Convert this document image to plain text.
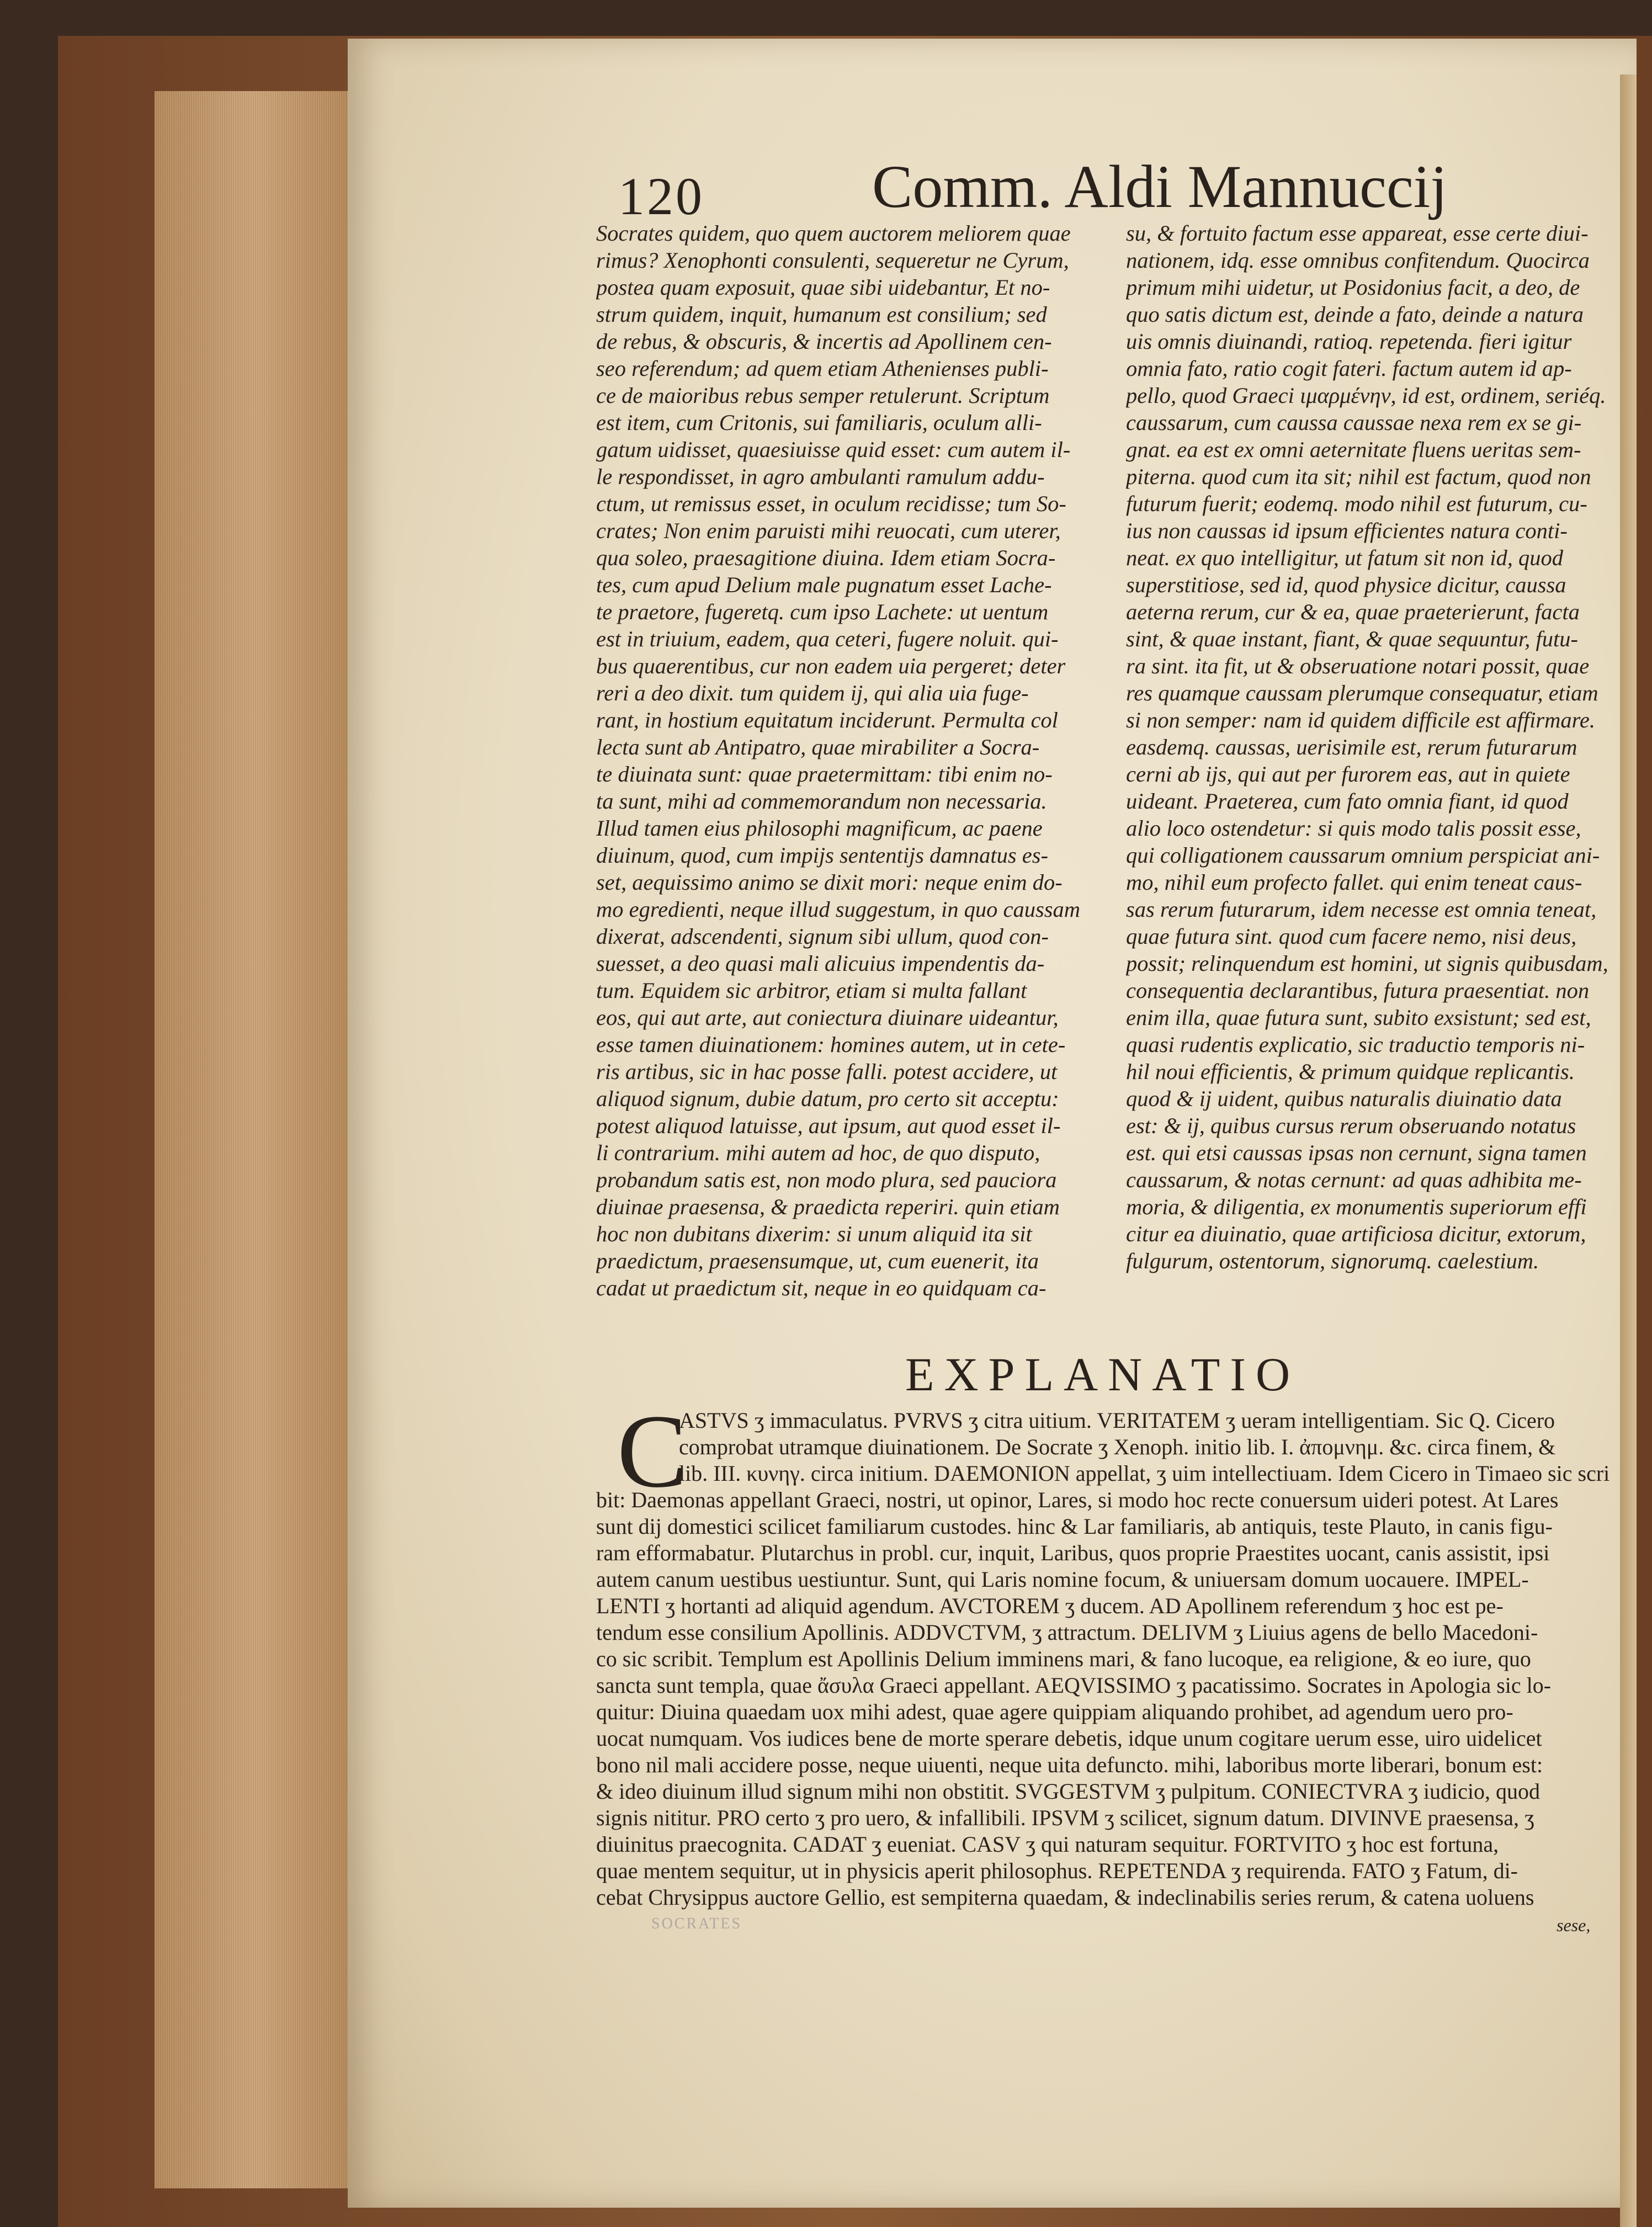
120	Comm. Aldi Mannuccij
Socrates quidem, quo quem auctorem meliorem quae
rimus? Xenophonti consulenti, sequeretur ne Cyrum,
postea quam exposuit, quae sibi uidebantur, Et no-
strum quidem, inquit, humanum est consilium; sed
de rebus, & obscuris, & incertis ad Apollinem cen-
seo referendum; ad quem etiam Athenienses publi-
ce de maioribus rebus semper retulerunt. Scriptum
est item, cum Critonis, sui familiaris, oculum alli-
gatum uidisset, quaesiuisse quid esset: cum autem il-
le respondisset, in agro ambulanti ramulum addu-
ctum, ut remissus esset, in oculum recidisse; tum So-
crates; Non enim paruisti mihi reuocati, cum uterer,
qua soleo, praesagitione diuina. Idem etiam Socra-
tes, cum apud Delium male pugnatum esset Lache-
te praetore, fugeretq. cum ipso Lachete: ut uentum
est in triuium, eadem, qua ceteri, fugere noluit. qui-
bus quaerentibus, cur non eadem uia pergeret; deter
reri a deo dixit. tum quidem ij, qui alia uia fuge-
rant, in hostium equitatum inciderunt. Permulta col
lecta sunt ab Antipatro, quae mirabiliter a Socra-
te diuinata sunt: quae praetermittam: tibi enim no-
ta sunt, mihi ad commemorandum non necessaria.
Illud tamen eius philosophi magnificum, ac paene
diuinum, quod, cum impijs sententijs damnatus es-
set, aequissimo animo se dixit mori: neque enim do-
mo egredienti, neque illud suggestum, in quo caussam
dixerat, adscendenti, signum sibi ullum, quod con-
suesset, a deo quasi mali alicuius impendentis da-
tum. Equidem sic arbitror, etiam si multa fallant
eos, qui aut arte, aut coniectura diuinare uideantur,
esse tamen diuinationem: homines autem, ut in cete-
ris artibus, sic in hac posse falli. potest accidere, ut
aliquod signum, dubie datum, pro certo sit acceptu:
potest aliquod latuisse, aut ipsum, aut quod esset il-
li contrarium. mihi autem ad hoc, de quo disputo,
probandum satis est, non modo plura, sed pauciora
diuinae praesensa, & praedicta reperiri. quin etiam
hoc non dubitans dixerim: si unum aliquid ita sit
praedictum, praesensumque, ut, cum euenerit, ita
cadat ut praedictum sit, neque in eo quidquam ca-
su, & fortuito factum esse appareat, esse certe diui-
nationem, idq. esse omnibus confitendum. Quocirca
primum mihi uidetur, ut Posidonius facit, a deo, de
quo satis dictum est, deinde a fato, deinde a natura
uis omnis diuinandi, ratioq. repetenda. fieri igitur
omnia fato, ratio cogit fateri. factum autem id ap-
pello, quod Graeci ιμαρμένην, id est, ordinem, seriéq.
caussarum, cum caussa caussae nexa rem ex se gi-
gnat. ea est ex omni aeternitate fluens ueritas sem-
piterna. quod cum ita sit; nihil est factum, quod non
futurum fuerit; eodemq. modo nihil est futurum, cu-
ius non caussas id ipsum efficientes natura conti-
neat. ex quo intelligitur, ut fatum sit non id, quod
superstitiose, sed id, quod physice dicitur, caussa
aeterna rerum, cur & ea, quae praeterierunt, facta
sint, & quae instant, fiant, & quae sequuntur, futu-
ra sint. ita fit, ut & obseruatione notari possit, quae
res quamque caussam plerumque consequatur, etiam
si non semper: nam id quidem difficile est affirmare.
easdemq. caussas, uerisimile est, rerum futurarum
cerni ab ijs, qui aut per furorem eas, aut in quiete
uideant. Praeterea, cum fato omnia fiant, id quod
alio loco ostendetur: si quis modo talis possit esse,
qui colligationem caussarum omnium perspiciat ani-
mo, nihil eum profecto fallet. qui enim teneat caus-
sas rerum futurarum, idem necesse est omnia teneat,
quae futura sint. quod cum facere nemo, nisi deus,
possit; relinquendum est homini, ut signis quibusdam,
consequentia declarantibus, futura praesentiat. non
enim illa, quae futura sunt, subito exsistunt; sed est,
quasi rudentis explicatio, sic traductio temporis ni-
hil noui efficientis, & primum quidque replicantis.
quod & ij uident, quibus naturalis diuinatio data
est: & ij, quibus cursus rerum obseruando notatus
est. qui etsi caussas ipsas non cernunt, signa tamen
caussarum, & notas cernunt: ad quas adhibita me-
moria, & diligentia, ex monumentis superiorum effi
citur ea diuinatio, quae artificiosa dicitur, extorum,
fulgurum, ostentorum, signorumq. caelestium.
EXPLANATIO
C
ASTVS ʒ immaculatus. PVRVS ʒ citra uitium. VERITATEM ʒ ueram intelligentiam. Sic Q. Cicero
comprobat utramque diuinationem. De Socrate ʒ Xenoph. initio lib. I. ἀπομνημ. &c. circa finem, &
lib. III. κυνηγ. circa initium. DAEMONION appellat, ʒ uim intellectiuam. Idem Cicero in Timaeo sic scri
bit: Daemonas appellant Graeci, nostri, ut opinor, Lares, si modo hoc recte conuersum uideri potest. At Lares
sunt dij domestici scilicet familiarum custodes. hinc & Lar familiaris, ab antiquis, teste Plauto, in canis figu-
ram efformabatur. Plutarchus in probl. cur, inquit, Laribus, quos proprie Praestites uocant, canis assistit, ipsi
autem canum uestibus uestiuntur. Sunt, qui Laris nomine focum, & uniuersam domum uocauere. IMPEL-
LENTI ʒ hortanti ad aliquid agendum. AVCTOREM ʒ ducem. AD Apollinem referendum ʒ hoc est pe-
tendum esse consilium Apollinis. ADDVCTVM, ʒ attractum. DELIVM ʒ Liuius agens de bello Macedoni-
co sic scribit. Templum est Apollinis Delium imminens mari, & fano lucoque, ea religione, & eo iure, quo
sancta sunt templa, quae ἄσυλα Graeci appellant. AEQVISSIMO ʒ pacatissimo. Socrates in Apologia sic lo-
quitur: Diuina quaedam uox mihi adest, quae agere quippiam aliquando prohibet, ad agendum uero pro-
uocat numquam. Vos iudices bene de morte sperare debetis, idque unum cogitare uerum esse, uiro uidelicet
bono nil mali accidere posse, neque uiuenti, neque uita defuncto. mihi, laboribus morte liberari, bonum est:
& ideo diuinum illud signum mihi non obstitit. SVGGESTVM ʒ pulpitum. CONIECTVRA ʒ iudicio, quod
signis nititur. PRO certo ʒ pro uero, & infallibili. IPSVM ʒ scilicet, signum datum. DIVINVE praesensa, ʒ
diuinitus praecognita. CADAT ʒ eueniat. CASV ʒ qui naturam sequitur. FORTVITO ʒ hoc est fortuna,
quae mentem sequitur, ut in physicis aperit philosophus. REPETENDA ʒ requirenda. FATO ʒ Fatum, di-
cebat Chrysippus auctore Gellio, est sempiterna quaedam, & indeclinabilis series rerum, & catena uoluens
sese,
SOCRATES
